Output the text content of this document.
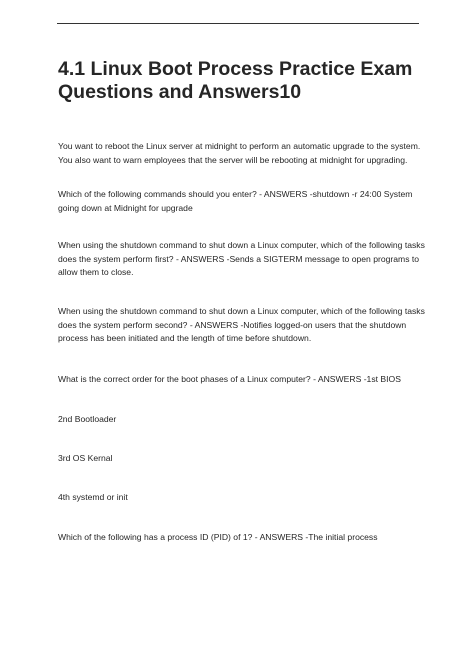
4.1 Linux Boot Process Practice Exam Questions and Answers10

You want to reboot the Linux server at midnight to perform an automatic upgrade to the system. You also want to warn employees that the server will be rebooting at midnight for upgrading.

Which of the following commands should you enter? - ANSWERS -shutdown -r 24:00 System going down at Midnight for upgrade

When using the shutdown command to shut down a Linux computer, which of the following tasks does the system perform first? - ANSWERS -Sends a SIGTERM message to open programs to allow them to close.

When using the shutdown command to shut down a Linux computer, which of the following tasks does the system perform second? - ANSWERS -Notifies logged-on users that the shutdown process has been initiated and the length of time before shutdown.

What is the correct order for the boot phases of a Linux computer? - ANSWERS -1st BIOS

2nd Bootloader

3rd OS Kernal

4th systemd or init

Which of the following has a process ID (PID) of 1? - ANSWERS -The initial process
